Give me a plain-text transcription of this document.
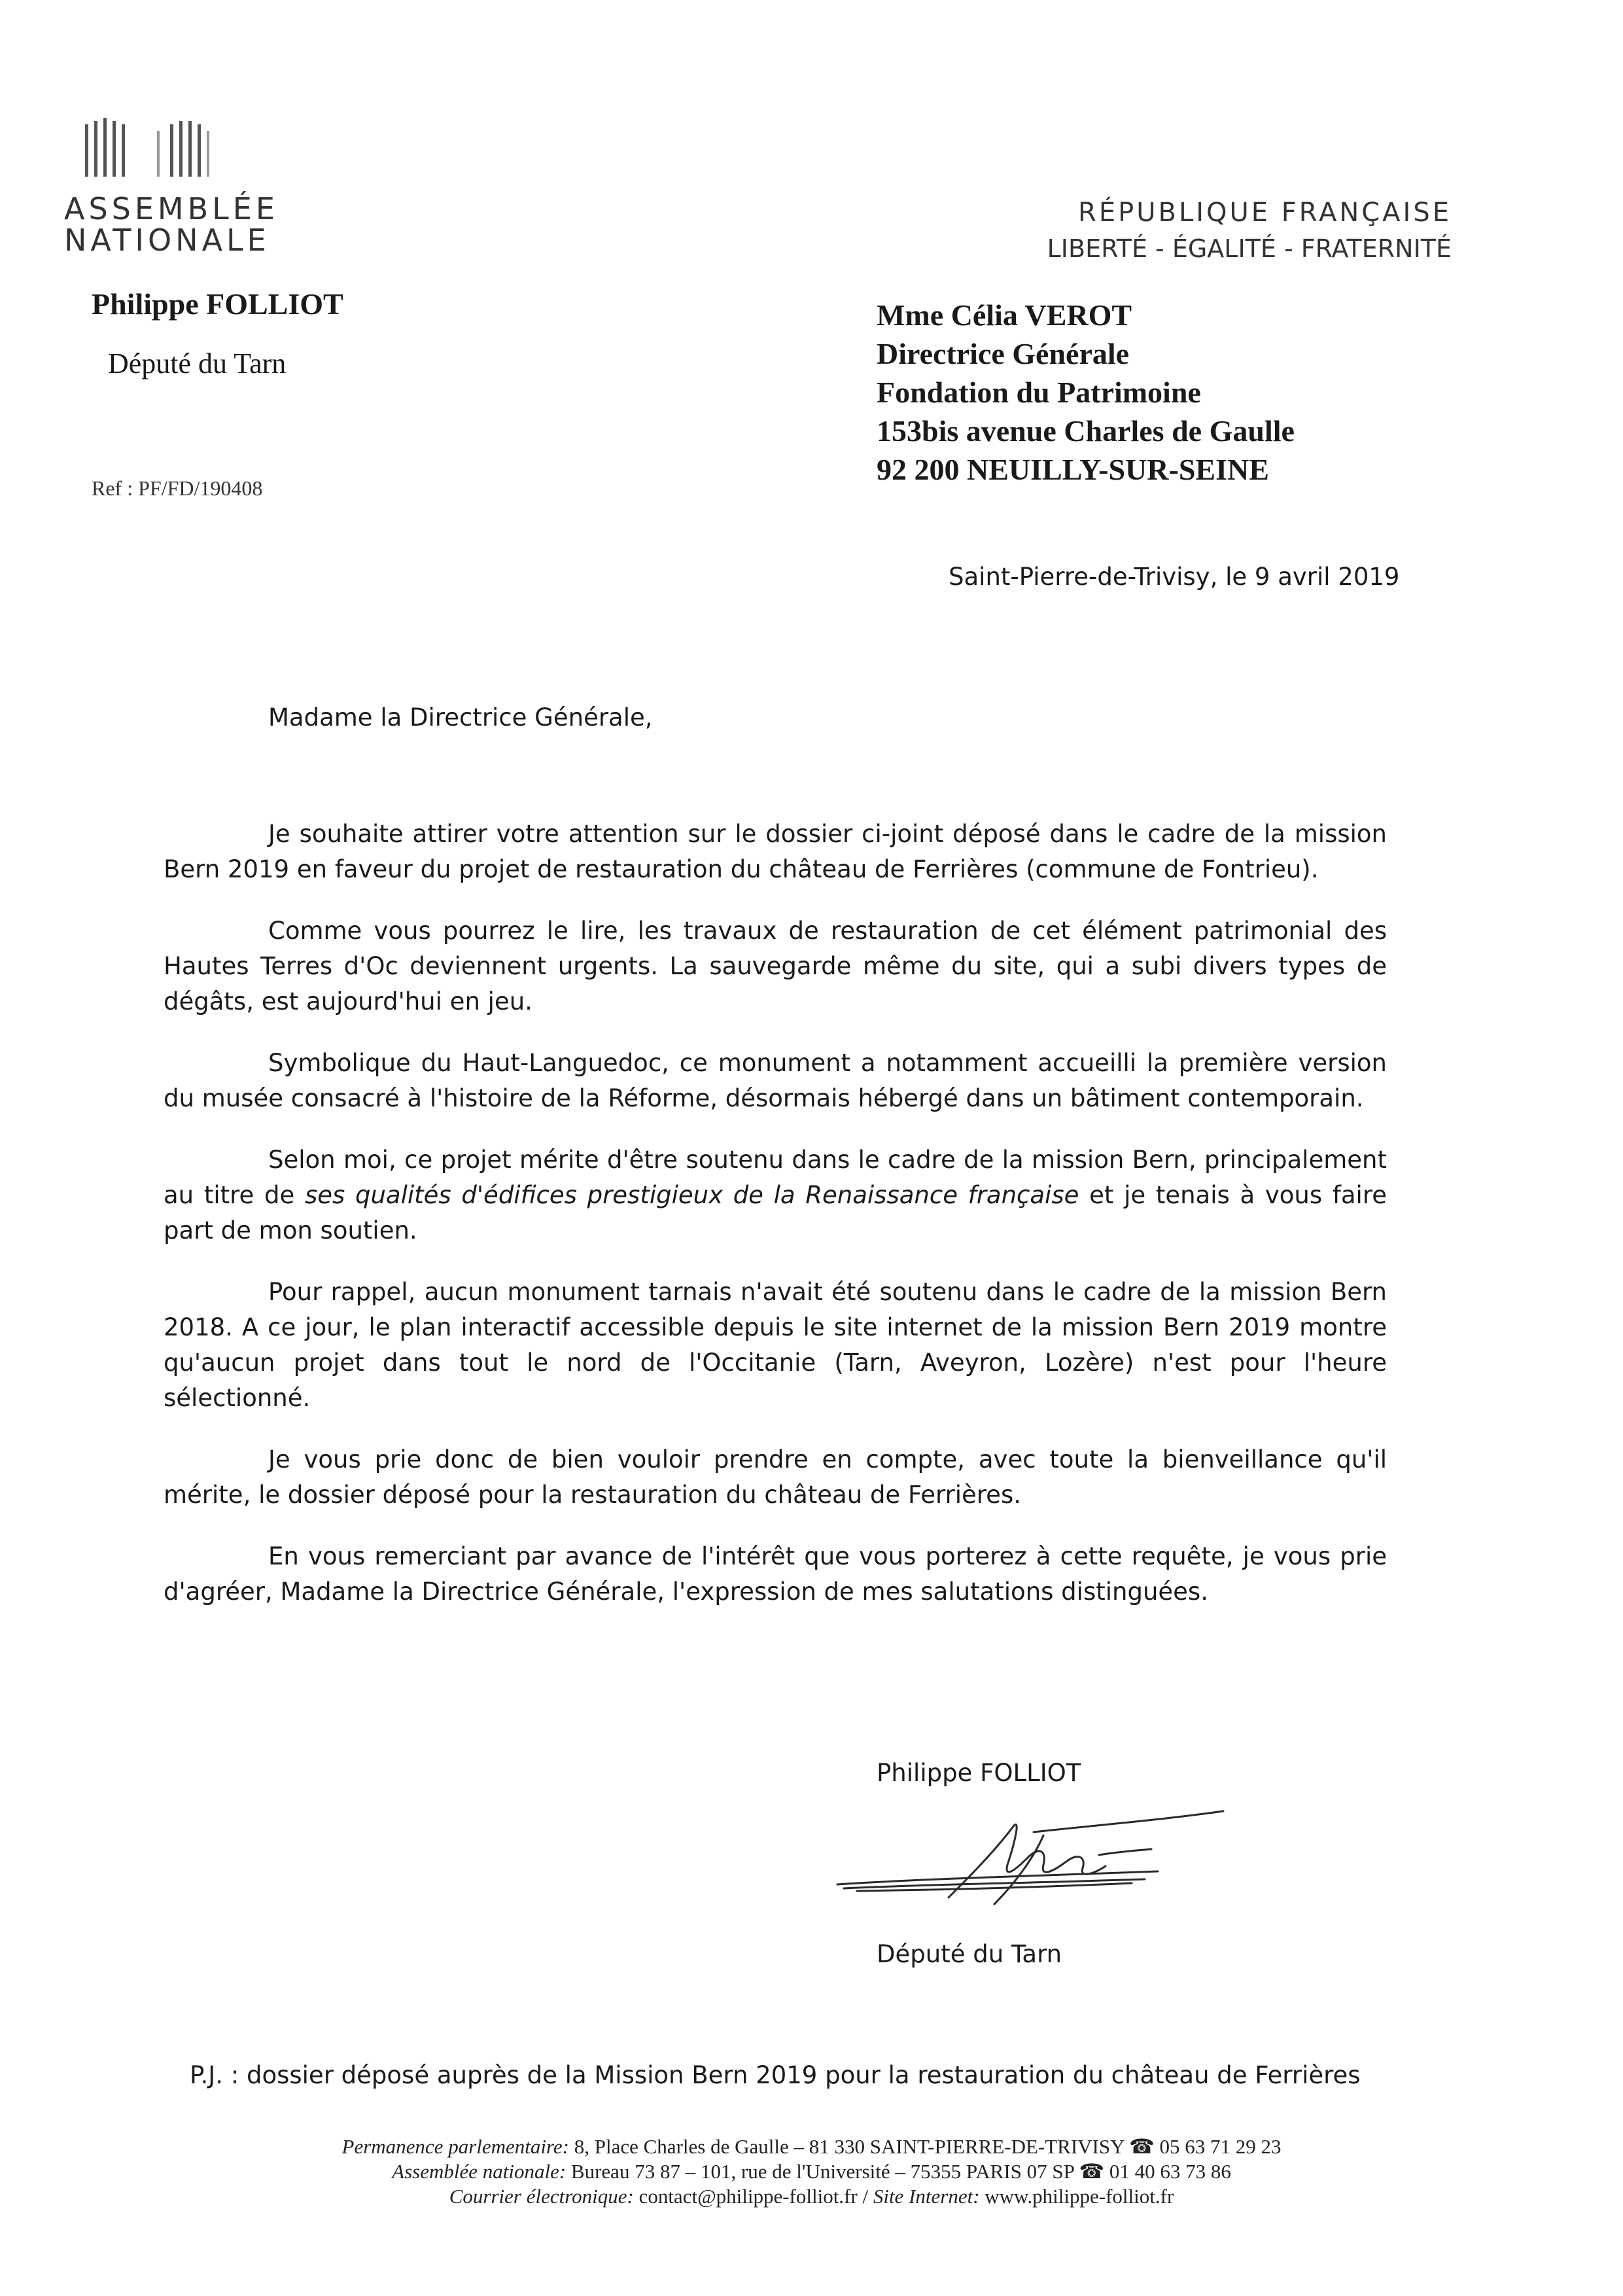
ASSEMBLÉE
NATIONALE
Philippe FOLLIOT
Député du Tarn
Ref : PF/FD/190408
RÉPUBLIQUE FRANÇAISE
LIBERTÉ - ÉGALITÉ - FRATERNITÉ
Mme Célia VEROT
Directrice Générale
Fondation du Patrimoine
153bis avenue Charles de Gaulle
92 200 NEUILLY-SUR-SEINE
Saint-Pierre-de-Trivisy, le 9 avril 2019
Madame la Directrice Générale,

Je souhaite attirer votre attention sur le dossier ci-joint déposé dans le cadre de la mission Bern 2019 en faveur du projet de restauration du château de Ferrières (commune de Fontrieu).

Comme vous pourrez le lire, les travaux de restauration de cet élément patrimonial des Hautes Terres d'Oc deviennent urgents. La sauvegarde même du site, qui a subi divers types de dégâts, est aujourd'hui en jeu.

Symbolique du Haut-Languedoc, ce monument a notamment accueilli la première version du musée consacré à l'histoire de la Réforme, désormais hébergé dans un bâtiment contemporain.

Selon moi, ce projet mérite d'être soutenu dans le cadre de la mission Bern, principalement au titre de ses qualités d'édifices prestigieux de la Renaissance française et je tenais à vous faire part de mon soutien.

Pour rappel, aucun monument tarnais n'avait été soutenu dans le cadre de la mission Bern 2018. A ce jour, le plan interactif accessible depuis le site internet de la mission Bern 2019 montre qu'aucun projet dans tout le nord de l'Occitanie (Tarn, Aveyron, Lozère) n'est pour l'heure sélectionné.

Je vous prie donc de bien vouloir prendre en compte, avec toute la bienveillance qu'il mérite, le dossier déposé pour la restauration du château de Ferrières.

En vous remerciant par avance de l'intérêt que vous porterez à cette requête, je vous prie d'agréer, Madame la Directrice Générale, l'expression de mes salutations distinguées.

Philippe FOLLIOT
Député du Tarn
P.J. : dossier déposé auprès de la Mission Bern 2019 pour la restauration du château de Ferrières
Permanence parlementaire: 8, Place Charles de Gaulle – 81 330 SAINT-PIERRE-DE-TRIVISY ☎ 05 63 71 29 23
Assemblée nationale: Bureau 73 87 – 101, rue de l'Université – 75355 PARIS 07 SP ☎ 01 40 63 73 86
Courrier électronique: contact@philippe-folliot.fr / Site Internet: www.philippe-folliot.fr
